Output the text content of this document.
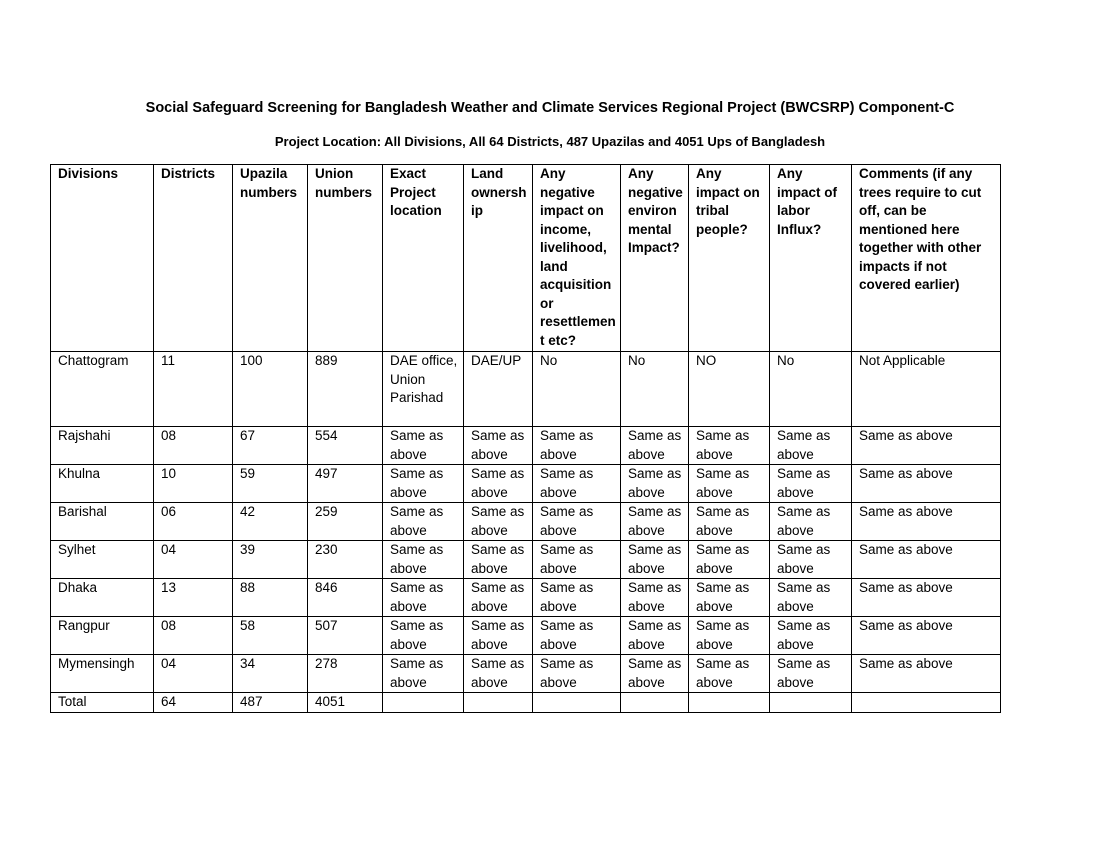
Social Safeguard Screening for Bangladesh Weather and Climate Services Regional Project (BWCSRP) Component-C
Project Location: All Divisions, All 64 Districts, 487 Upazilas and 4051 Ups of Bangladesh
Divisions	Districts	Upazila numbers	Union numbers	Exact Project location	Land ownership	Any negative impact on income, livelihood, land acquisition or resettlement etc?	Any negative environmental Impact?	Any impact on tribal people?	Any impact of labor Influx?	Comments (if any trees require to cut off, can be mentioned here together with other impacts if not covered earlier)
Chattogram	11	100	889	DAE office, Union Parishad	DAE/UP	No	No	NO	No	Not Applicable
Rajshahi	08	67	554	Same as above	Same as above	Same as above	Same as above	Same as above	Same as above	Same as above
Khulna	10	59	497	Same as above	Same as above	Same as above	Same as above	Same as above	Same as above	Same as above
Barishal	06	42	259	Same as above	Same as above	Same as above	Same as above	Same as above	Same as above	Same as above
Sylhet	04	39	230	Same as above	Same as above	Same as above	Same as above	Same as above	Same as above	Same as above
Dhaka	13	88	846	Same as above	Same as above	Same as above	Same as above	Same as above	Same as above	Same as above
Rangpur	08	58	507	Same as above	Same as above	Same as above	Same as above	Same as above	Same as above	Same as above
Mymensingh	04	34	278	Same as above	Same as above	Same as above	Same as above	Same as above	Same as above	Same as above
Total	64	487	4051							
